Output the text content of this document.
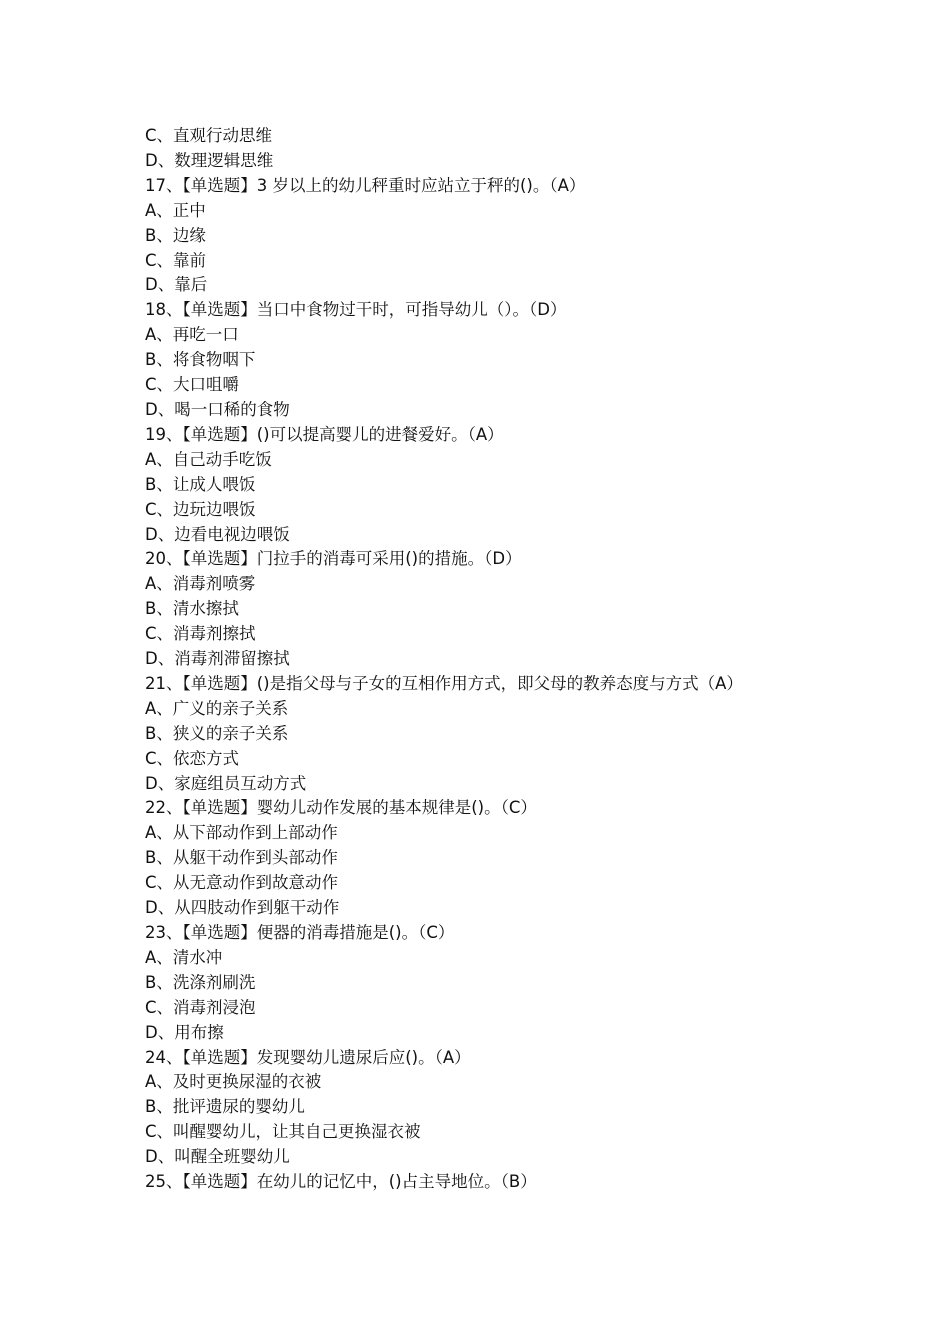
C、直观行动思维
D、数理逻辑思维
17、【单选题】3 岁以上的幼儿秤重时应站立于秤的()。（A）
A、正中
B、边缘
C、靠前
D、靠后
18、【单选题】当口中食物过干时，可指导幼儿（）。（D）
A、再吃一口
B、将食物咽下
C、大口咀嚼
D、喝一口稀的食物
19、【单选题】()可以提高婴儿的进餐爱好。（A）
A、自己动手吃饭
B、让成人喂饭
C、边玩边喂饭
D、边看电视边喂饭
20、【单选题】门拉手的消毒可采用()的措施。（D）
A、消毒剂喷雾
B、清水擦拭
C、消毒剂擦拭
D、消毒剂滞留擦拭
21、【单选题】()是指父母与子女的互相作用方式，即父母的教养态度与方式（A）
A、广义的亲子关系
B、狭义的亲子关系
C、依恋方式
D、家庭组员互动方式
22、【单选题】婴幼儿动作发展的基本规律是()。（C）
A、从下部动作到上部动作
B、从躯干动作到头部动作
C、从无意动作到故意动作
D、从四肢动作到躯干动作
23、【单选题】便器的消毒措施是()。（C）
A、清水冲
B、洗涤剂刷洗
C、消毒剂浸泡
D、用布擦
24、【单选题】发现婴幼儿遗尿后应()。（A）
A、及时更换尿湿的衣被
B、批评遗尿的婴幼儿
C、叫醒婴幼儿，让其自己更换湿衣被
D、叫醒全班婴幼儿
25、【单选题】在幼儿的记忆中，()占主导地位。（B）
